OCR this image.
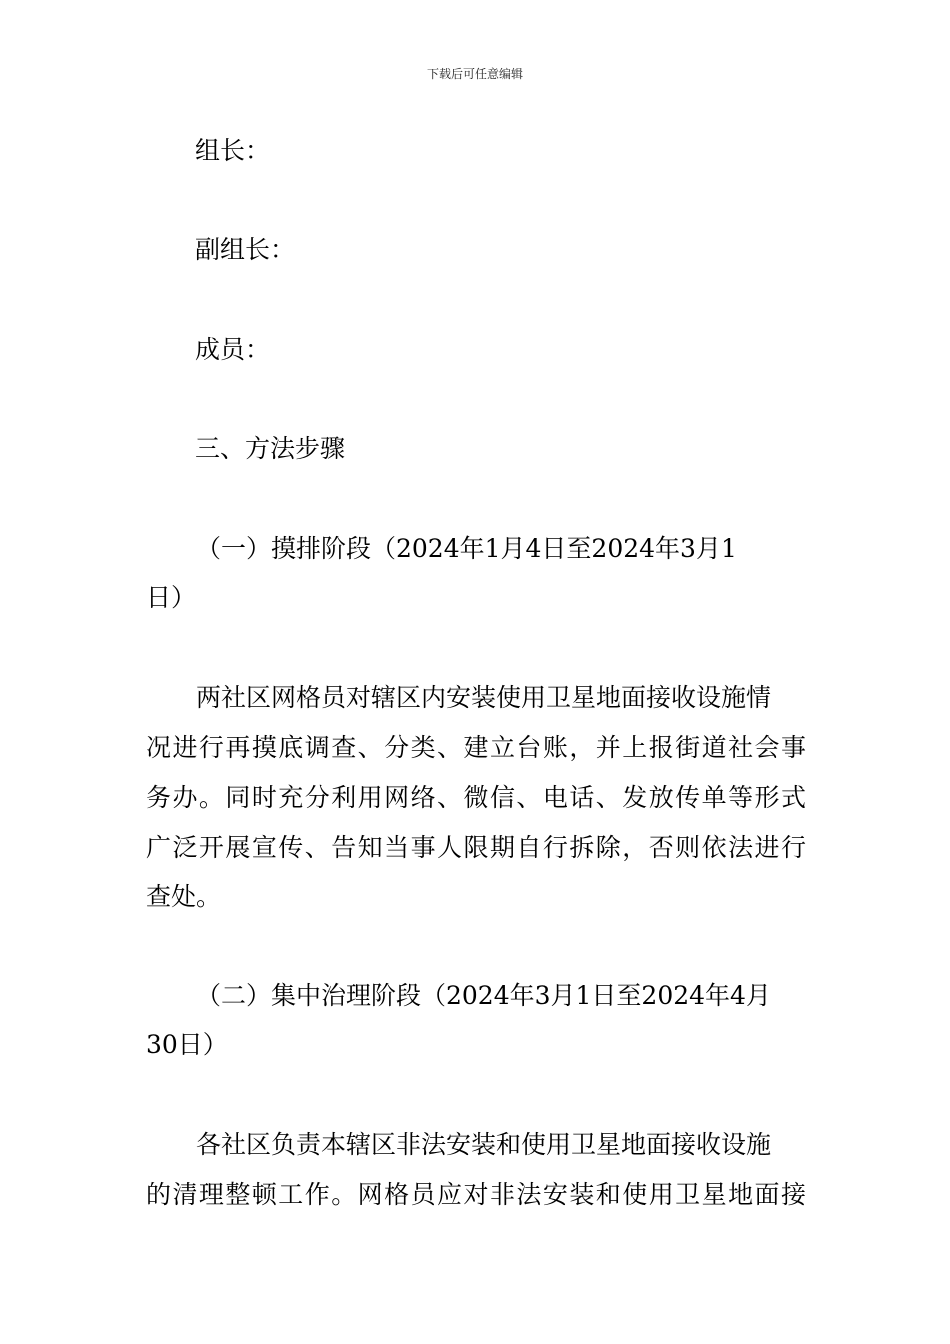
下载后可任意编辑
组长：
副组长：
成员：
三、方法步骤
（一）摸排阶段（2024年1月4日至2024年3月1
日）
两社区网格员对辖区内安装使用卫星地面接收设施情
况进行再摸底调查、分类、建立台账，并上报街道社会事
务办。同时充分利用网络、微信、电话、发放传单等形式
广泛开展宣传、告知当事人限期自行拆除，否则依法进行
查处。
（二）集中治理阶段（2024年3月1日至2024年4月
30日）
各社区负责本辖区非法安装和使用卫星地面接收设施
的清理整顿工作。网格员应对非法安装和使用卫星地面接
